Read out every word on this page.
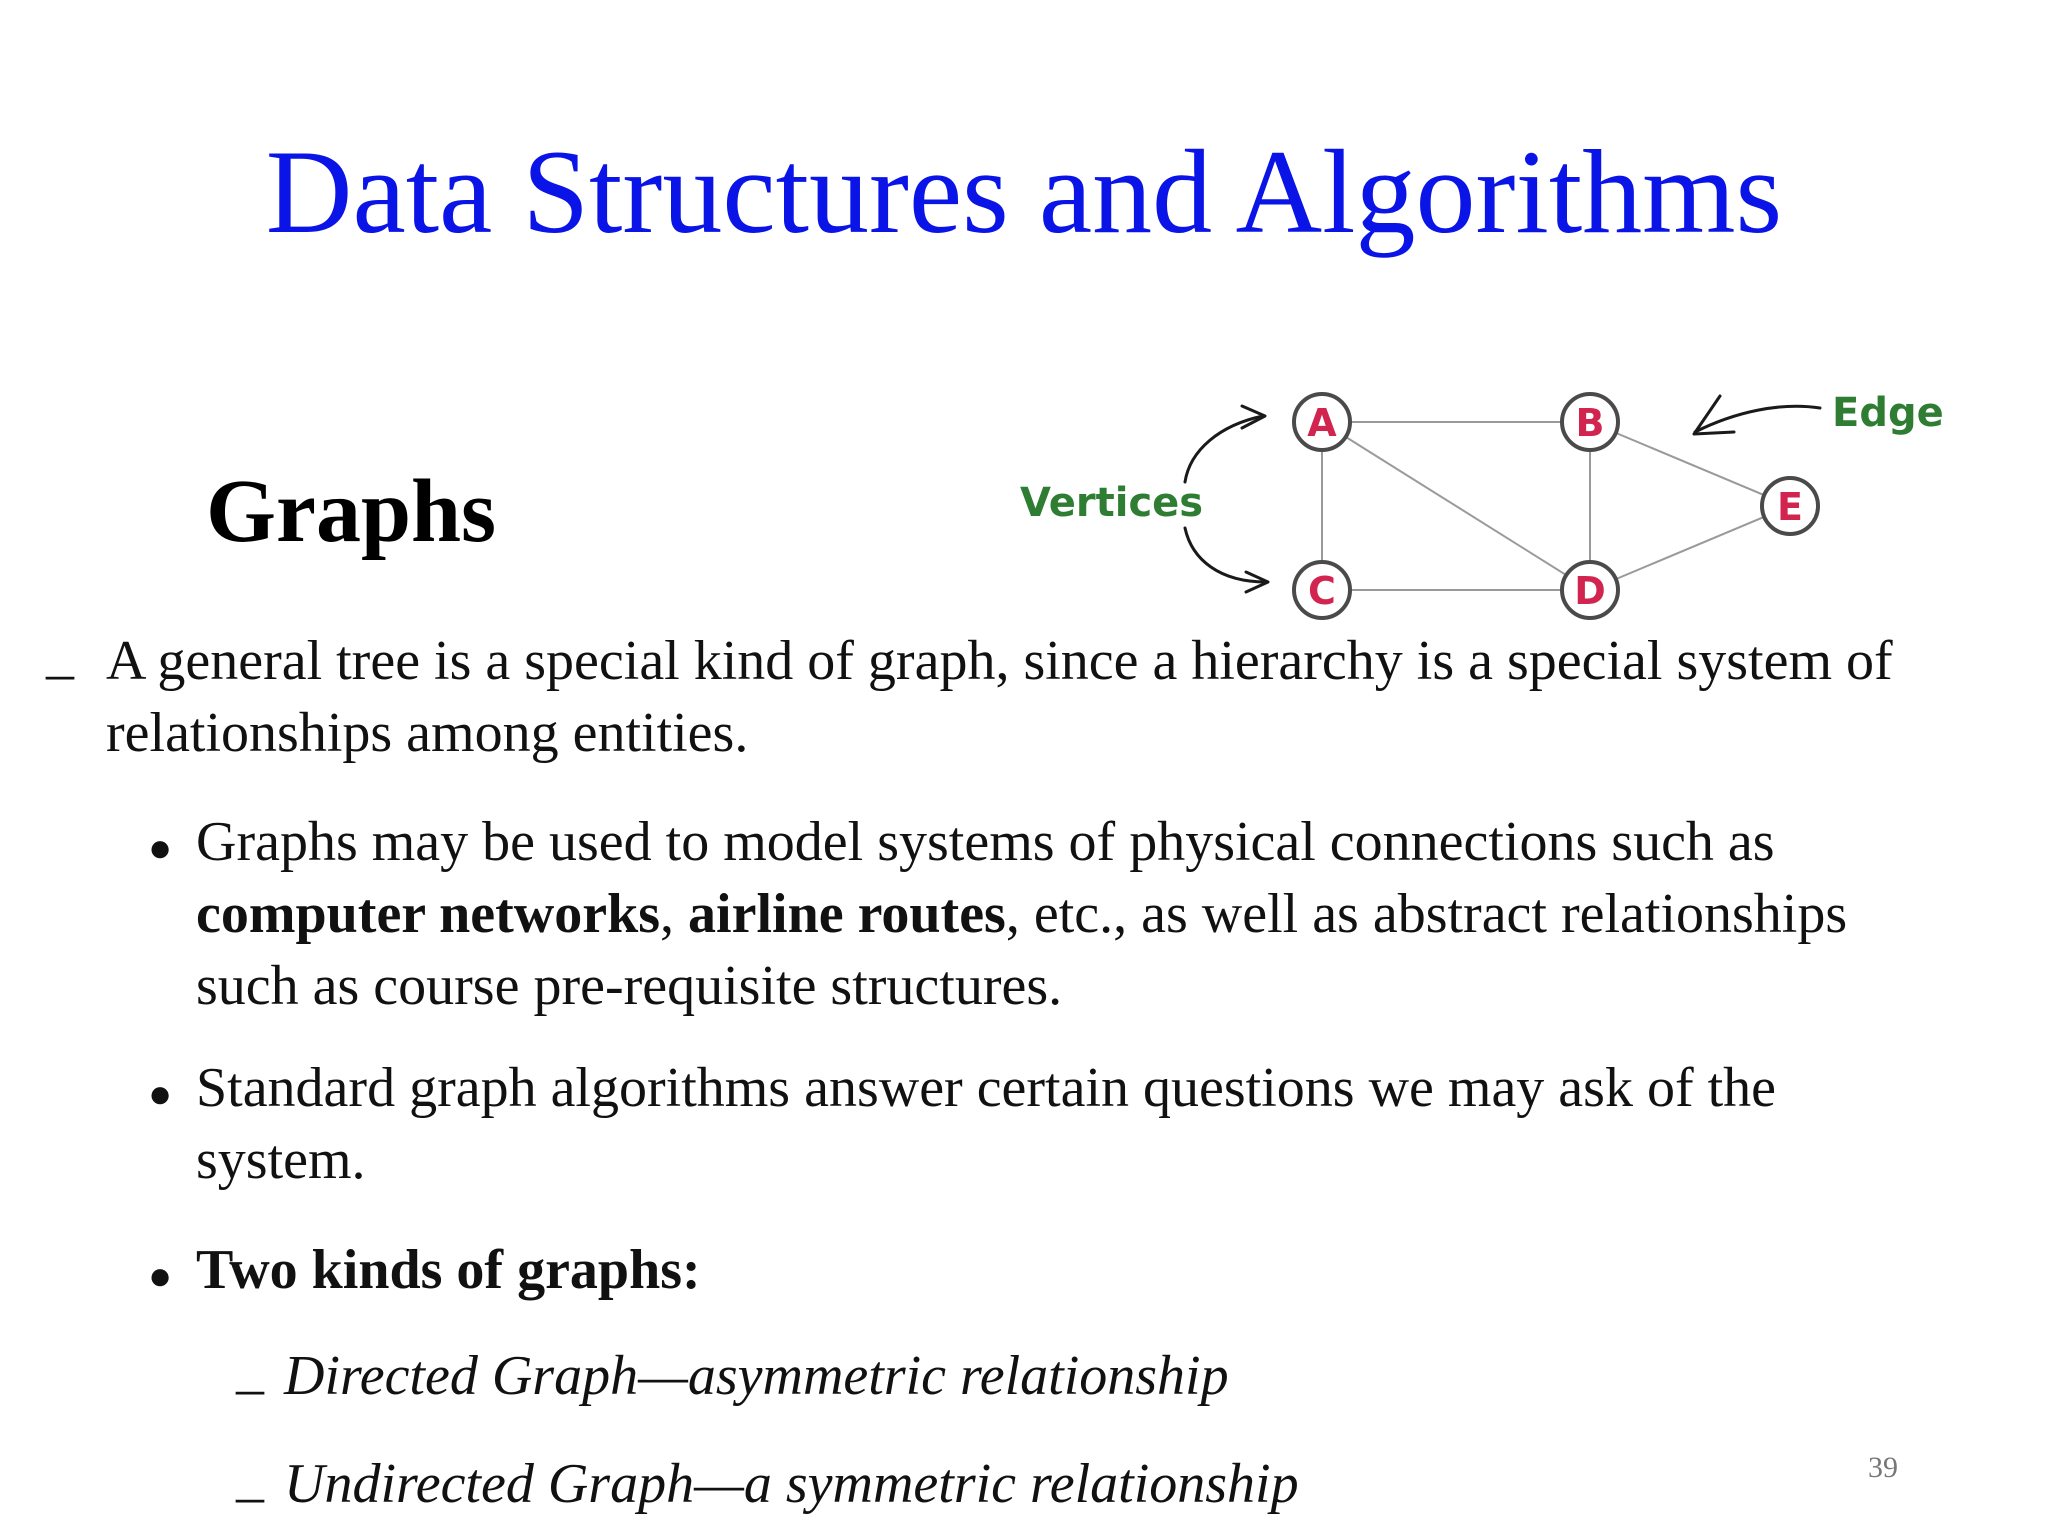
Data Structures and Algorithms
Graphs
A	B
C	D
E
Vertices
Edge
– A general tree is a special kind of graph, since a hierarchy is a special system of
relationships among entities.
● Graphs may be used to model systems of physical connections such as
computer networks, airline routes, etc., as well as abstract relationships
such as course pre-requisite structures.
● Standard graph algorithms answer certain questions we may ask of the
system.
● Two kinds of graphs:
– Directed Graph—asymmetric relationship
– Undirected Graph—a symmetric relationship	39
